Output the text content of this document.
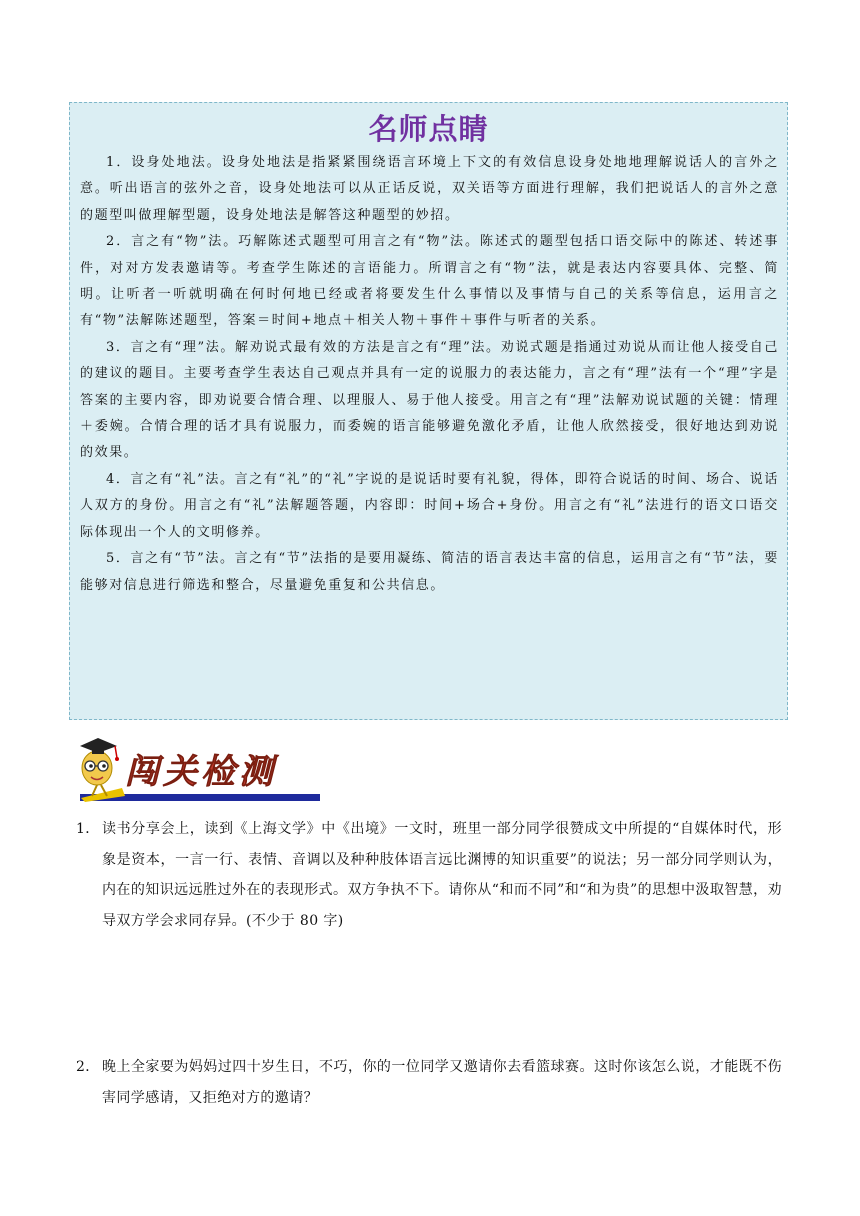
名师点睛

1．设身处地法。设身处地法是指紧紧围绕语言环境上下文的有效信息设身处地地理解说话人的言外之意。听出语言的弦外之音，设身处地法可以从正话反说，双关语等方面进行理解，我们把说话人的言外之意的题型叫做理解型题，设身处地法是解答这种题型的妙招。

2．言之有“物”法。巧解陈述式题型可用言之有“物”法。陈述式的题型包括口语交际中的陈述、转述事件，对对方发表邀请等。考查学生陈述的言语能力。所谓言之有“物”法，就是表达内容要具体、完整、简明。让听者一听就明确在何时何地已经或者将要发生什么事情以及事情与自己的关系等信息，运用言之有“物”法解陈述题型，答案＝时间+地点＋相关人物＋事件＋事件与听者的关系。

3．言之有“理”法。解劝说式最有效的方法是言之有“理”法。劝说式题是指通过劝说从而让他人接受自己的建议的题目。主要考查学生表达自己观点并具有一定的说服力的表达能力，言之有“理”法有一个“理”字是答案的主要内容，即劝说要合情合理、以理服人、易于他人接受。用言之有“理”法解劝说试题的关键：情理＋委婉。合情合理的话才具有说服力，而委婉的语言能够避免激化矛盾，让他人欣然接受，很好地达到劝说的效果。

4．言之有“礼”法。言之有“礼”的“礼”字说的是说话时要有礼貌，得体，即符合说话的时间、场合、说话人双方的身份。用言之有“礼”法解题答题，内容即：时间+场合+身份。用言之有“礼”法进行的语文口语交际体现出一个人的文明修养。

5．言之有“节”法。言之有“节”法指的是要用凝练、简洁的语言表达丰富的信息，运用言之有“节”法，要能够对信息进行筛选和整合，尽量避免重复和公共信息。

闯关检测
1． 读书分享会上，读到《上海文学》中《出境》一文时，班里一部分同学很赞成文中所提的“自媒体时代，形象是资本，一言一行、表情、音调以及种种肢体语言远比渊博的知识重要”的说法；另一部分同学则认为，内在的知识远远胜过外在的表现形式。双方争执不下。请你从“和而不同”和“和为贵”的思想中汲取智慧，劝导双方学会求同存异。(不少于 80 字)
2． 晚上全家要为妈妈过四十岁生日，不巧，你的一位同学又邀请你去看篮球赛。这时你该怎么说，才能既不伤害同学感请，又拒绝对方的邀请？
